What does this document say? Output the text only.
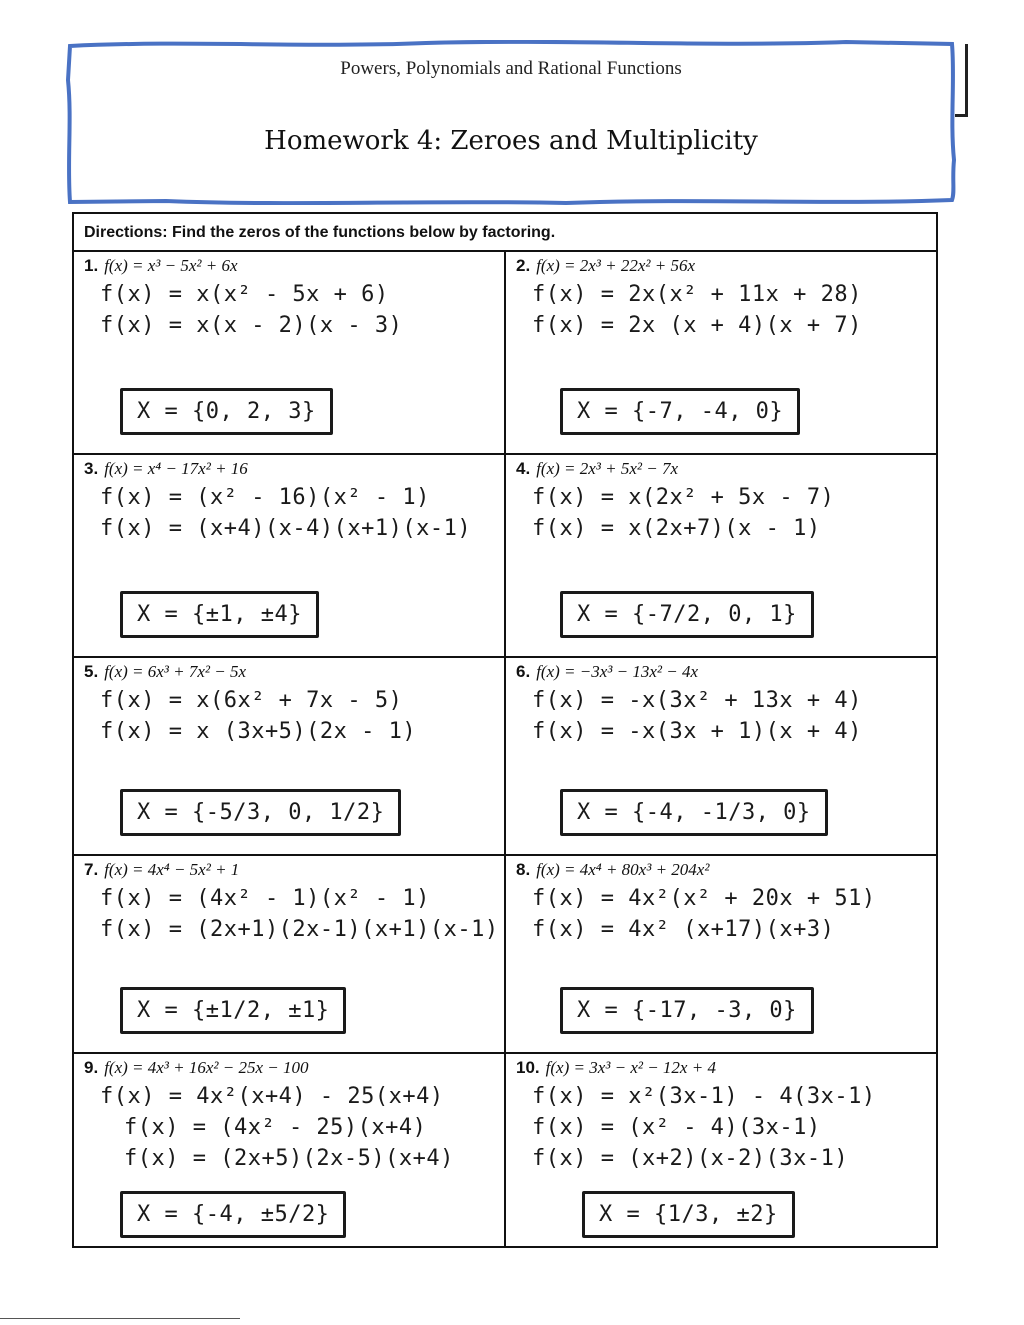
Powers, Polynomials and Rational Functions
Homework 4: Zeroes and Multiplicity
Directions: Find the zeros of the functions below by factoring.
1. f(x) = x³ − 5x² + 6x
f(x) = x(x² - 5x + 6)
f(x) = x(x - 2)(x - 3)
X = {0, 2, 3}
2. f(x) = 2x³ + 22x² + 56x
f(x) = 2x(x² + 11x + 28)
f(x) = 2x (x + 4)(x + 7)
X = {-7, -4, 0}
3. f(x) = x⁴ − 17x² + 16
f(x) = (x² - 16)(x² - 1)
f(x) = (x+4)(x-4)(x+1)(x-1)
X = {±1, ±4}
4. f(x) = 2x³ + 5x² − 7x
f(x) = x(2x² + 5x - 7)
f(x) = x(2x+7)(x - 1)
X = {-7/2, 0, 1}
5. f(x) = 6x³ + 7x² − 5x
f(x) = x(6x² + 7x - 5)
f(x) = x (3x+5)(2x - 1)
X = {-5/3, 0, 1/2}
6. f(x) = −3x³ − 13x² − 4x
f(x) = -x(3x² + 13x + 4)
f(x) = -x(3x + 1)(x + 4)
X = {-4, -1/3, 0}
7. f(x) = 4x⁴ − 5x² + 1
f(x) = (4x² - 1)(x² - 1)
f(x) = (2x+1)(2x-1)(x+1)(x-1)
X = {±1/2, ±1}
8. f(x) = 4x⁴ + 80x³ + 204x²
f(x) = 4x²(x² + 20x + 51)
f(x) = 4x² (x+17)(x+3)
X = {-17, -3, 0}
9. f(x) = 4x³ + 16x² − 25x − 100
f(x) = 4x²(x+4) - 25(x+4)
f(x) = (4x² - 25)(x+4)
f(x) = (2x+5)(2x-5)(x+4)
X = {-4, ±5/2}
10. f(x) = 3x³ − x² − 12x + 4
f(x) = x²(3x-1) - 4(3x-1)
f(x) = (x² - 4)(3x-1)
f(x) = (x+2)(x-2)(3x-1)
X = {1/3, ±2}
